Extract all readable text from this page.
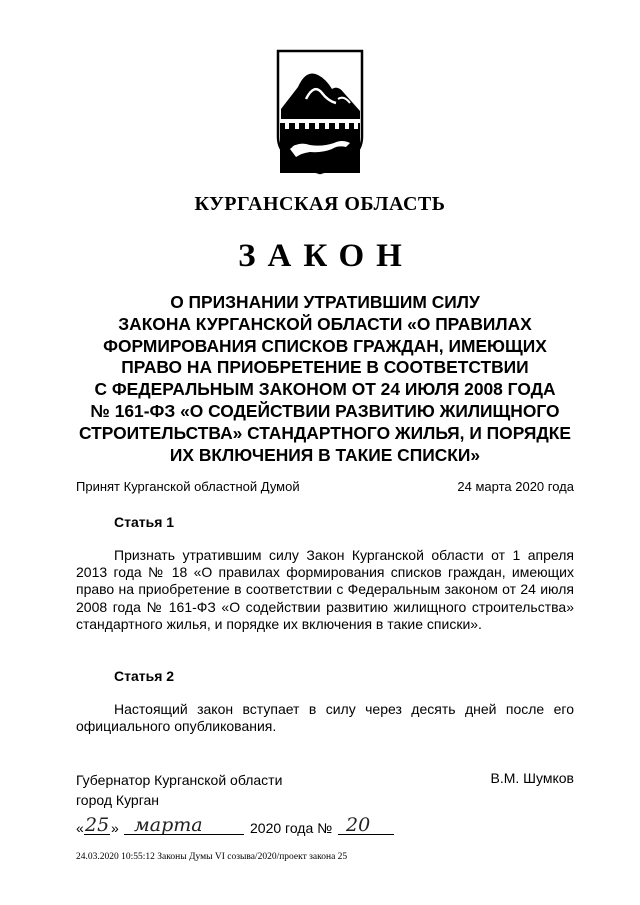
КУРГАНСКАЯ ОБЛАСТЬ
ЗАКОН
О ПРИЗНАНИИ УТРАТИВШИМ СИЛУ
ЗАКОНА КУРГАНСКОЙ ОБЛАСТИ «О ПРАВИЛАХ
ФОРМИРОВАНИЯ СПИСКОВ ГРАЖДАН, ИМЕЮЩИХ
ПРАВО НА ПРИОБРЕТЕНИЕ В СООТВЕТСТВИИ
С ФЕДЕРАЛЬНЫМ ЗАКОНОМ ОТ 24 ИЮЛЯ 2008 ГОДА
№ 161-ФЗ «О СОДЕЙСТВИИ РАЗВИТИЮ ЖИЛИЩНОГО
СТРОИТЕЛЬСТВА» СТАНДАРТНОГО ЖИЛЬЯ, И ПОРЯДКЕ
ИХ ВКЛЮЧЕНИЯ В ТАКИЕ СПИСКИ»
Принят Курганской областной Думой	24 марта 2020 года
Статья 1
Признать утратившим силу Закон Курганской области от 1 апреля 2013 года № 18 «О правилах формирования списков граждан, имеющих право на приобретение в соответствии с Федеральным законом от 24 июля 2008 года № 161-ФЗ «О содействии развитию жилищного строительства» стандартного жилья, и порядке их включения в такие списки».
Статья 2
Настоящий закон вступает в силу через десять дней после его официального опубликования.
Губернатор Курганской области
город Курган
В.М. Шумков
« 25 » марта	2020 года № 20
24.03.2020 10:55:12 Законы Думы VI созыва/2020/проект закона 25
